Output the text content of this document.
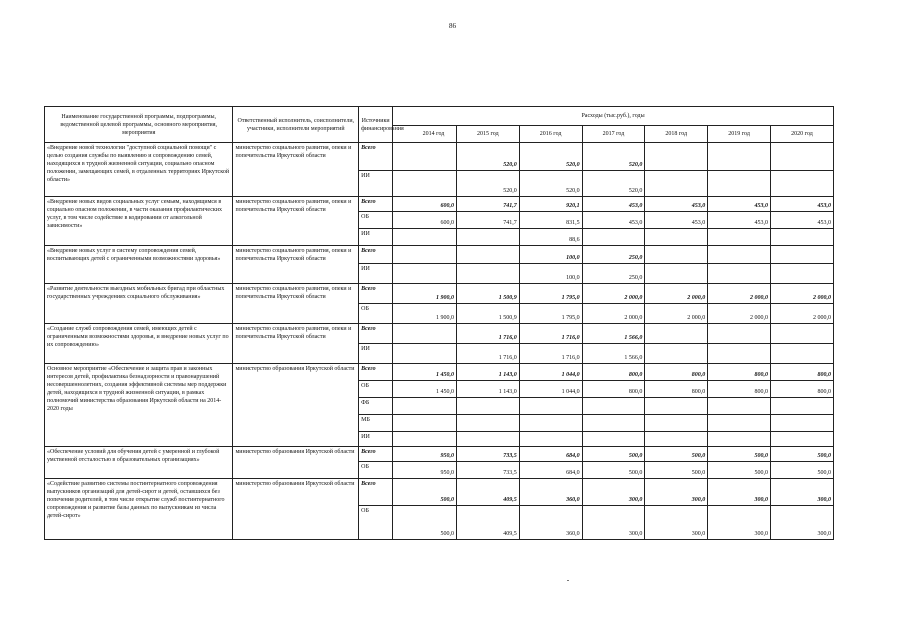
86
Наименование государственной программы, подпрограммы, ведомственной целевой программы, основного мероприятия, мероприятия	Ответственный исполнитель, соисполнители, участники, исполнители мероприятий	Источники финансирования	Расходы (тыс.руб.), годы							
				2014 год	2015 год	2016 год	2017 год	2018 год	2019 год	2020 год
«Внедрение новой технологии "доступной социальной помощи" с целью создания службы по выявлению и сопровождению семей, находящихся в трудной жизненной ситуации, социально опасном положении, замещающих семей, в отдаленных территориях Иркутской области»	министерство социального развития, опеки и попечительства Иркутской области	Всего			520,0	520,0	520,0			
		ИИ			520,0	520,0	520,0			
«Внедрение новых видов социальных услуг семьям, находящимся в социально опасном положении, в части оказания профилактических услуг, в том числе содействие в кодировании от алкогольной зависимости»	министерство социального развития, опеки и попечительства Иркутской области	Всего		600,0	741,7	920,1	453,0	453,0	453,0	453,0
		ОБ		600,0	741,7	831,5	453,0	453,0	453,0	453,0
		ИИ				88,6				
«Внедрение новых услуг в систему сопровождения семей, воспитывающих детей с ограниченными возможностями здоровья»	министерство социального развития, опеки и попечительства Иркутской области	Всего				100,0	250,0			
		ИИ				100,0	250,0			
«Развитие деятельности выездных мобильных бригад при областных государственных учреждениях социального обслуживания»	министерство социального развития, опеки и попечительства Иркутской области	Всего		1 900,0	1 500,9	1 795,0	2 000,0	2 000,0	2 000,0	2 000,0
		ОБ		1 900,0	1 500,9	1 795,0	2 000,0	2 000,0	2 000,0	2 000,0
«Создание служб сопровождения семей, имеющих детей с ограниченными возможностями здоровья, и внедрение новых услуг по их сопровождению»	министерство социального развития, опеки и попечительства Иркутской области	Всего			1 716,0	1 716,0	1 566,0			
		ИИ			1 716,0	1 716,0	1 566,0			
Основное мероприятие «Обеспечение и защита прав и законных интересов детей, профилактика безнадзорности и правонарушений несовершеннолетних, создания эффективной системы мер поддержки детей, находящихся в трудной жизненной ситуации, в рамках полномочий министерства образования Иркутской области на 2014-2020 годы	министерство образования Иркутской области	Всего		1 450,0	1 143,0	1 044,0	800,0	800,0	800,0	800,0
		ОБ		1 450,0	1 143,0	1 044,0	800,0	800,0	800,0	800,0
		ФБ								
		МБ								
		ИИ								
«Обеспечение условий для обучения детей с умеренной и глубокой умственной отсталостью в образовательных организациях»	министерство образования Иркутской области	Всего		950,0	733,5	684,0	500,0	500,0	500,0	500,0
		ОБ		950,0	733,5	684,0	500,0	500,0	500,0	500,0
«Содействие развитию системы постинтернатного сопровождения выпускников организаций для детей-сирот и детей, оставшихся без попечения родителей, в том числе открытие служб постинтернатного сопровождения и развитие базы данных по выпускникам из числа детей-сирот»	министерство образования Иркутской области	Всего		500,0	409,5	360,0	300,0	300,0	300,0	300,0
		ОБ		500,0	409,5	360,0	300,0	300,0	300,0	300,0
